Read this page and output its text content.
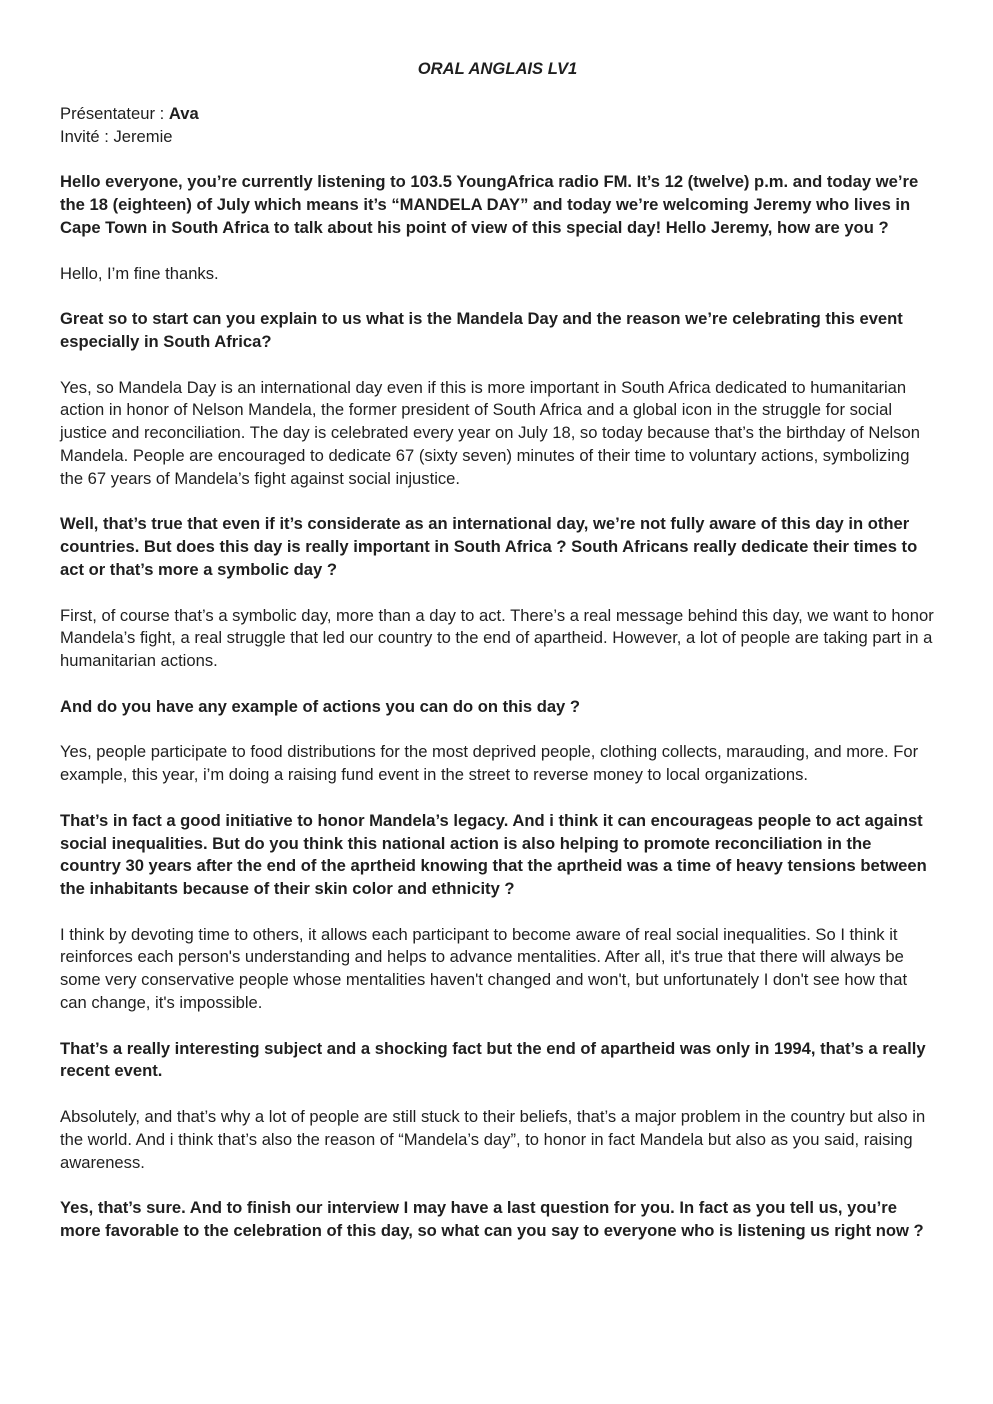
ORAL ANGLAIS LV1

Présentateur : Ava

Invité : Jeremie

Hello everyone, you’re currently listening to 103.5 YoungAfrica radio FM. It’s 12 (twelve) p.m. and today we’re the 18 (eighteen) of July which means it’s “MANDELA DAY” and today we’re welcoming Jeremy who lives in Cape Town in South Africa to talk about his point of view of this special day! Hello Jeremy, how are you ?

Hello, I’m fine thanks.

Great so to start can you explain to us what is the Mandela Day and the reason we’re celebrating this event especially in South Africa?

Yes, so Mandela Day is an international day even if this is more important in South Africa dedicated to humanitarian action in honor of Nelson Mandela, the former president of South Africa and a global icon in the struggle for social justice and reconciliation. The day is celebrated every year on July 18, so today because that’s the birthday of Nelson Mandela. People are encouraged to dedicate 67 (sixty seven) minutes of their time to voluntary actions, symbolizing the 67 years of Mandela’s fight against social injustice.

Well, that’s true that even if it’s considerate as an international day, we’re not fully aware of this day in other countries. But does this day is really important in South Africa ? South Africans really dedicate their times to act or that’s more a symbolic day ?

First, of course that’s a symbolic day, more than a day to act. There’s a real message behind this day, we want to honor Mandela’s fight, a real struggle that led our country to the end of apartheid. However, a lot of people are taking part in a humanitarian actions.

And do you have any example of actions you can do on this day ?

Yes, people participate to food distributions for the most deprived people, clothing collects, marauding, and more. For example, this year, i’m doing a raising fund event in the street to reverse money to local organizations.

That’s in fact a good initiative to honor Mandela’s legacy. And i think it can encourageas people to act against social inequalities. But do you think this national action is also helping to promote reconciliation in the country 30 years after the end of the aprtheid knowing that the aprtheid was a time of heavy tensions between the inhabitants because of their skin color and ethnicity ?

I think by devoting time to others, it allows each participant to become aware of real social inequalities. So I think it reinforces each person's understanding and helps to advance mentalities. After all, it's true that there will always be some very conservative people whose mentalities haven't changed and won't, but unfortunately I don't see how that can change, it's impossible.

That’s a really interesting subject and a shocking fact but the end of apartheid was only in 1994, that’s a really recent event.

Absolutely, and that’s why a lot of people are still stuck to their beliefs, that’s a major problem in the country but also in the world. And i think that’s also the reason of “Mandela’s day”, to honor in fact Mandela but also as you said, raising awareness.

Yes, that’s sure. And to finish our interview I may have a last question for you. In fact as you tell us, you’re more favorable to the celebration of this day, so what can you say to everyone who is listening us right now ?
